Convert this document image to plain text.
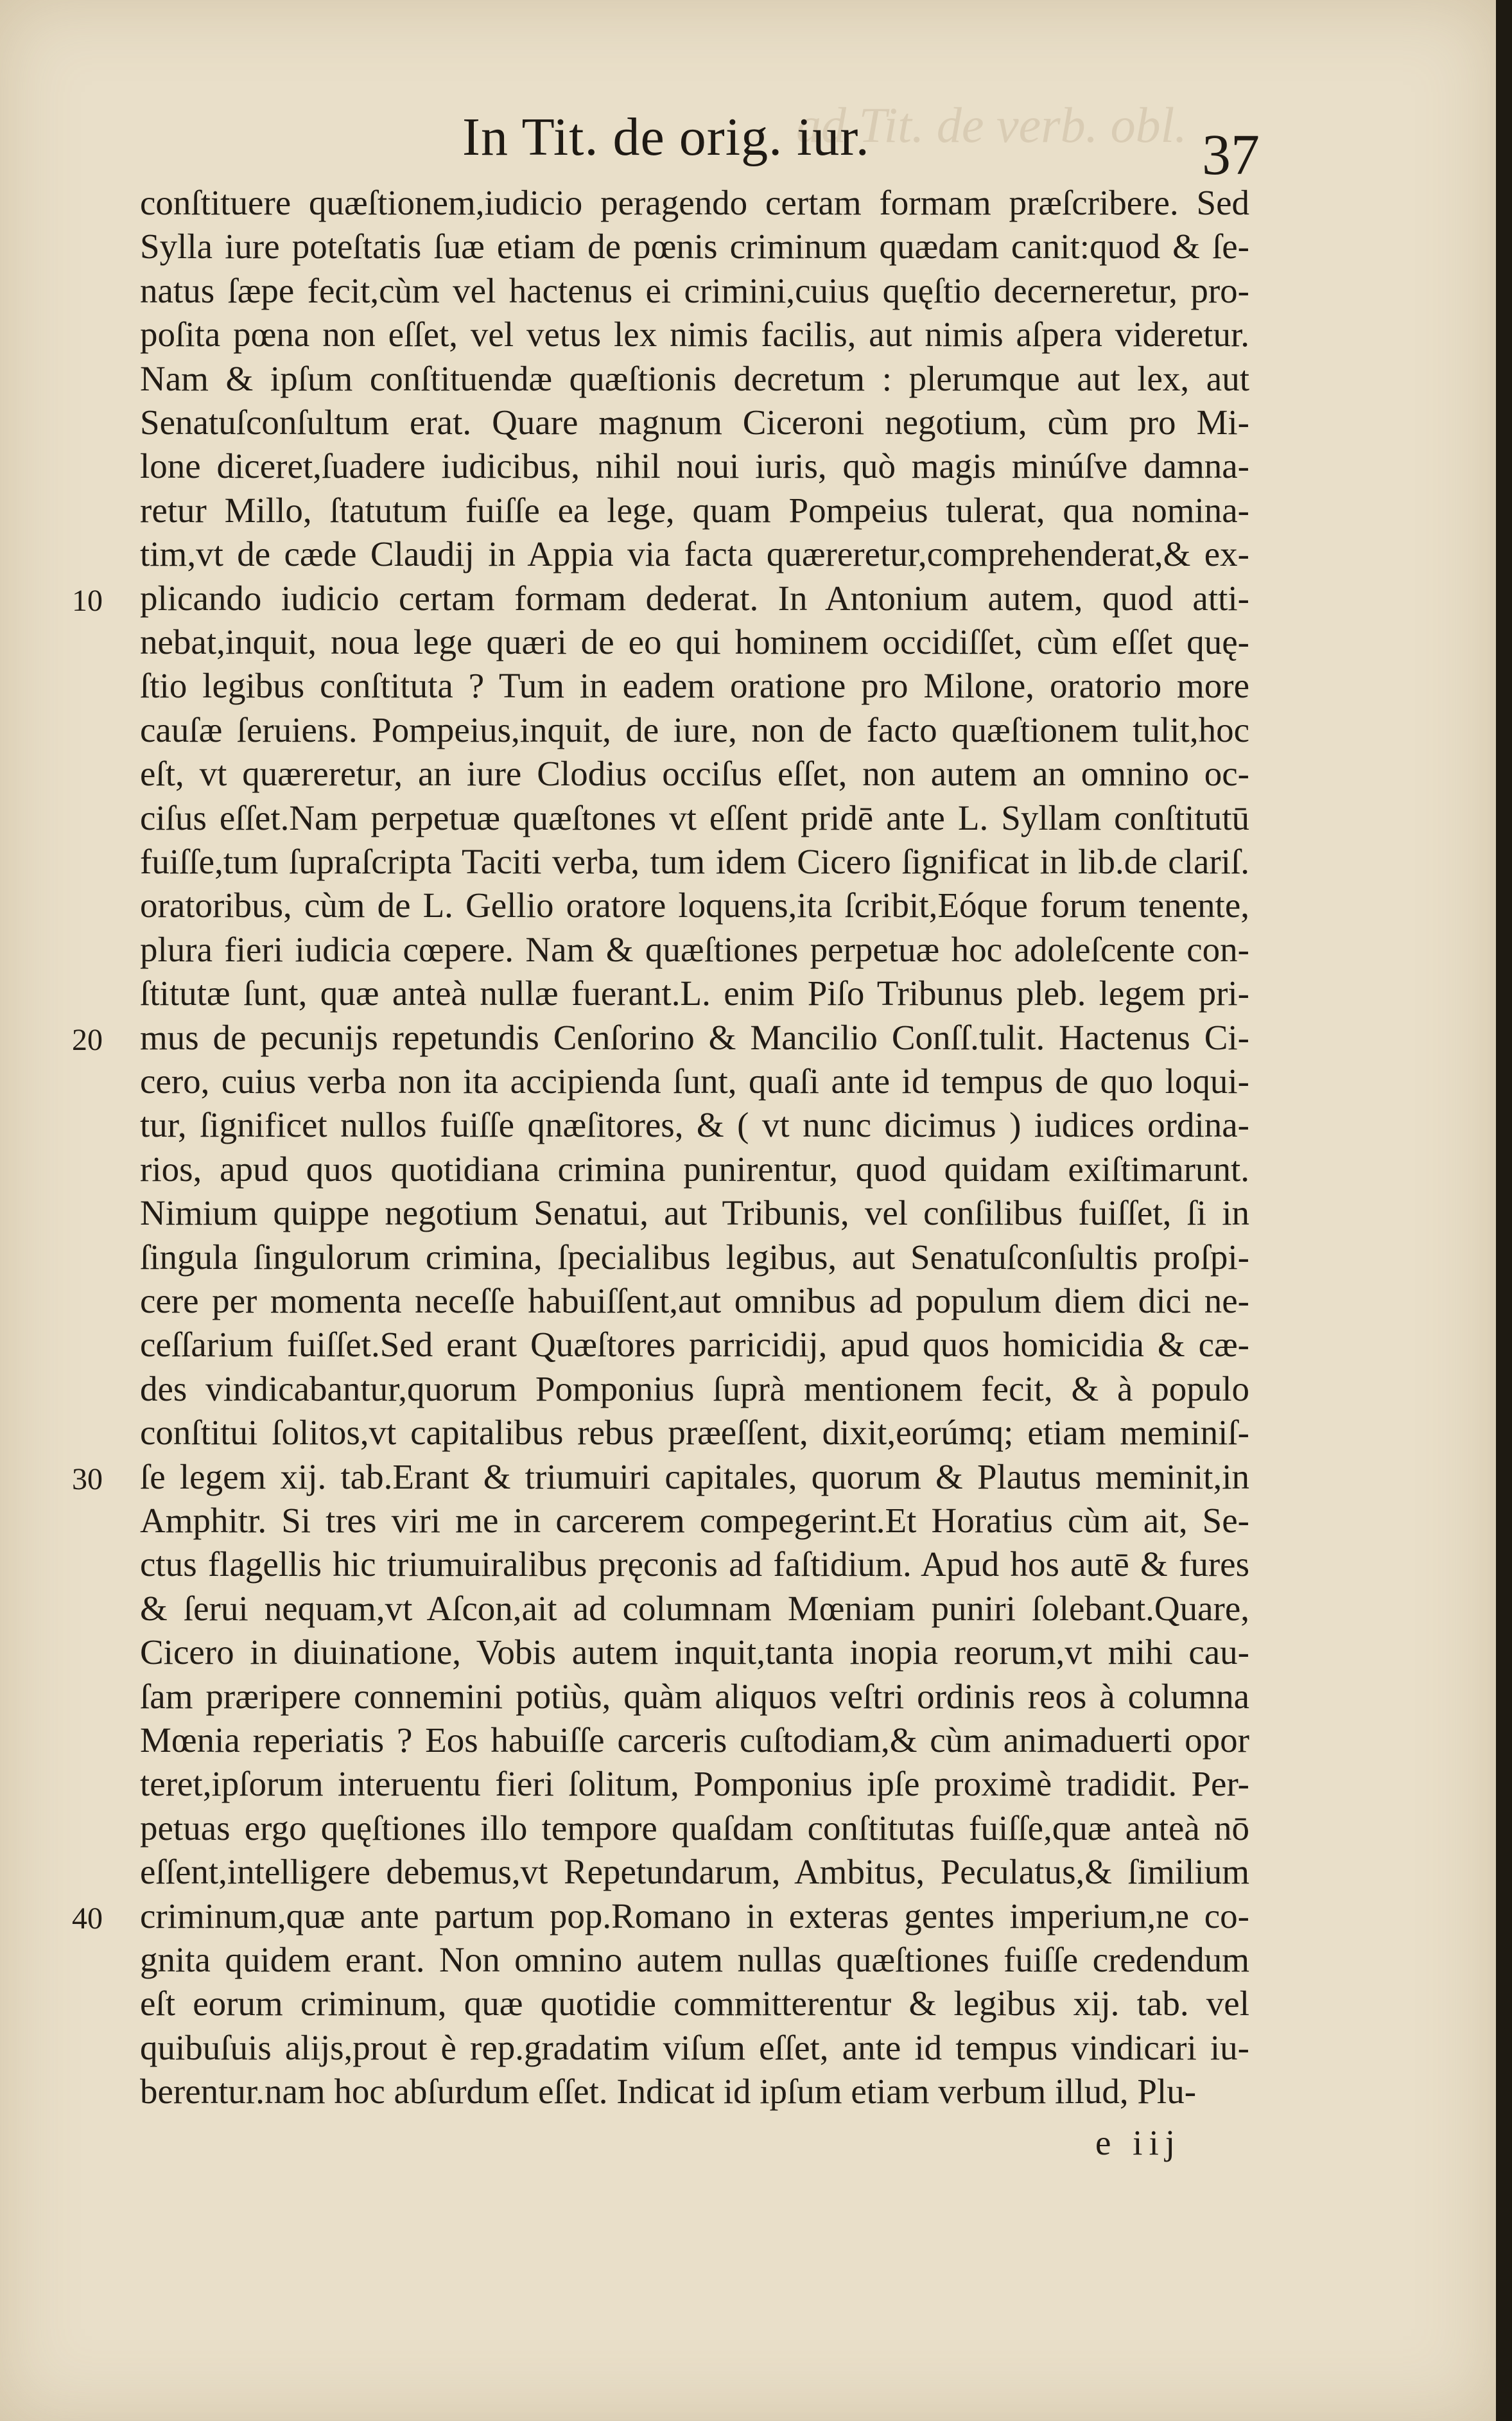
ad Tit. de verb. obl.
In Tit. de orig. iur.	37
conſtituere quæſtionem,iudicio peragendo certam formam præſcribere. Sed
Sylla iure poteſtatis ſuæ etiam de pœnis criminum quædam canit:quod & ſe-
natus ſæpe fecit,cùm vel hactenus ei crimini,cuius quęſtio decerneretur, pro-
poſita pœna non eſſet, vel vetus lex nimis facilis, aut nimis aſpera videretur.
Nam & ipſum conſtituendæ quæſtionis decretum : plerumque aut lex, aut
Senatuſconſultum erat. Quare magnum Ciceroni negotium, cùm pro Mi-
lone diceret,ſuadere iudicibus, nihil noui iuris, quò magis minúſve damna-
retur Millo, ſtatutum fuiſſe ea lege, quam Pompeius tulerat, qua nomina-
tim,vt de cæde Claudij in Appia via facta quæreretur,comprehenderat,& ex-
plicando iudicio certam formam dederat. In Antonium autem, quod atti-
nebat,inquit, noua lege quæri de eo qui hominem occidiſſet, cùm eſſet quę-
ſtio legibus conſtituta ? Tum in eadem oratione pro Milone, oratorio more
cauſæ ſeruiens. Pompeius,inquit, de iure, non de facto quæſtionem tulit,hoc
eſt, vt quæreretur, an iure Clodius occiſus eſſet, non autem an omnino oc-
ciſus eſſet.Nam perpetuæ quæſtones vt eſſent pridē ante L. Syllam conſtitutū
fuiſſe,tum ſupraſcripta Taciti verba, tum idem Cicero ſignificat in lib.de clariſ.
oratoribus, cùm de L. Gellio oratore loquens,ita ſcribit,Eóque forum tenente,
plura fieri iudicia cœpere. Nam & quæſtiones perpetuæ hoc adoleſcente con-
ſtitutæ ſunt, quæ anteà nullæ fuerant.L. enim Piſo Tribunus pleb. legem pri-
mus de pecunijs repetundis Cenſorino & Mancilio Conſſ.tulit. Hactenus Ci-
cero, cuius verba non ita accipienda ſunt, quaſi ante id tempus de quo loqui-
tur, ſignificet nullos fuiſſe qnæſitores, & ( vt nunc dicimus ) iudices ordina-
rios, apud quos quotidiana crimina punirentur, quod quidam exiſtimarunt.
Nimium quippe negotium Senatui, aut Tribunis, vel conſilibus fuiſſet, ſi in
ſingula ſingulorum crimina, ſpecialibus legibus, aut Senatuſconſultis proſpi-
cere per momenta neceſſe habuiſſent,aut omnibus ad populum diem dici ne-
ceſſarium fuiſſet.Sed erant Quæſtores parricidij, apud quos homicidia & cæ-
des vindicabantur,quorum Pomponius ſuprà mentionem fecit, & à populo
conſtitui ſolitos,vt capitalibus rebus præeſſent, dixit,eorúmq; etiam meminiſ-
ſe legem xij. tab.Erant & triumuiri capitales, quorum & Plautus meminit,in
Amphitr. Si tres viri me in carcerem compegerint.Et Horatius cùm ait, Se-
ctus flagellis hic triumuiralibus pręconis ad faſtidium. Apud hos autē & fures
& ſerui nequam,vt Aſcon,ait ad columnam Mœniam puniri ſolebant.Quare,
Cicero in diuinatione, Vobis autem inquit,tanta inopia reorum,vt mihi cau-
ſam præripere connemini potiùs, quàm aliquos veſtri ordinis reos à columna
Mœnia reperiatis ? Eos habuiſſe carceris cuſtodiam,& cùm animaduerti opor
teret,ipſorum interuentu fieri ſolitum, Pomponius ipſe proximè tradidit. Per-
petuas ergo quęſtiones illo tempore quaſdam conſtitutas fuiſſe,quæ anteà nō
eſſent,intelligere debemus,vt Repetundarum, Ambitus, Peculatus,& ſimilium
criminum,quæ ante partum pop.Romano in exteras gentes imperium,ne co-
gnita quidem erant. Non omnino autem nullas quæſtiones fuiſſe credendum
eſt eorum criminum, quæ quotidie committerentur & legibus xij. tab. vel
quibuſuis alijs,prout è rep.gradatim viſum eſſet, ante id tempus vindicari iu-
berentur.nam hoc abſurdum eſſet. Indicat id ipſum etiam verbum illud, Plu-
10
20
30
40
e iij
